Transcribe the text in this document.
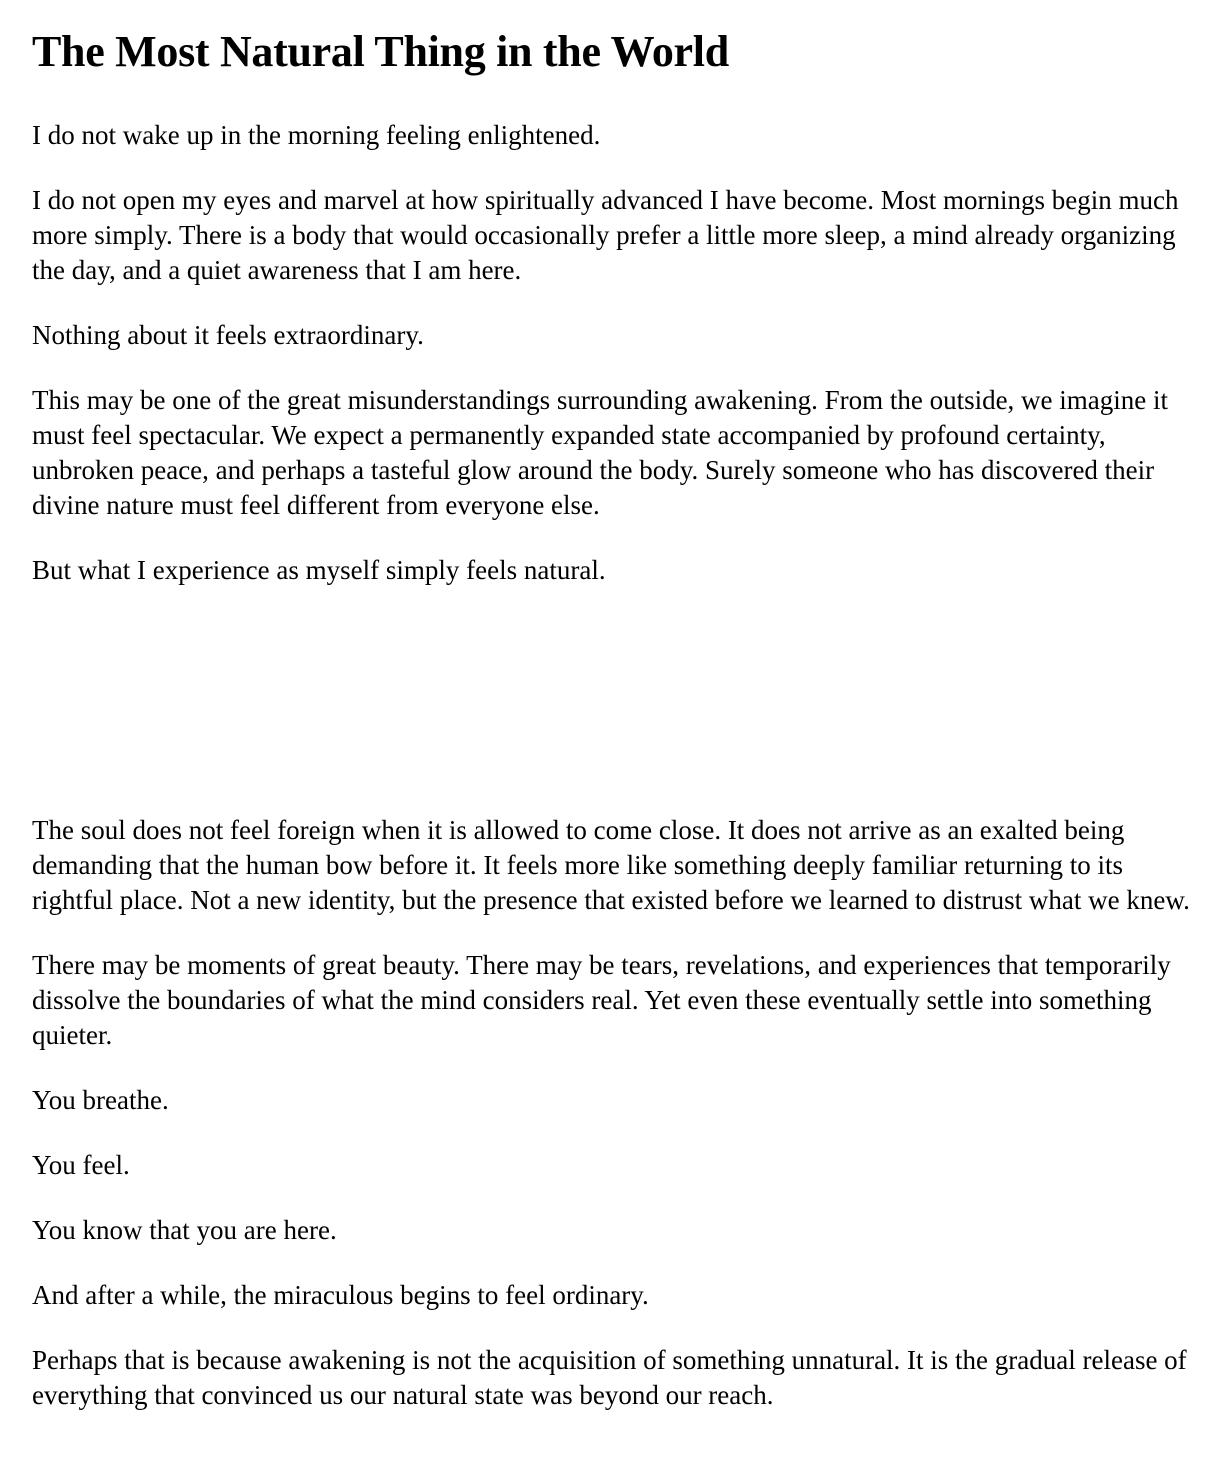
The Most Natural Thing in the World

I do not wake up in the morning feeling enlightened.

I do not open my eyes and marvel at how spiritually advanced I have become. Most mornings begin much more simply. There is a body that would occasionally prefer a little more sleep, a mind already organizing the day, and a quiet awareness that I am here.

Nothing about it feels extraordinary.

This may be one of the great misunderstandings surrounding awakening. From the outside, we imagine it must feel spectacular. We expect a permanently expanded state accompanied by profound certainty, unbroken peace, and perhaps a tasteful glow around the body. Surely someone who has discovered their divine nature must feel different from everyone else.

But what I experience as myself simply feels natural.

The soul does not feel foreign when it is allowed to come close. It does not arrive as an exalted being demanding that the human bow before it. It feels more like something deeply familiar returning to its rightful place. Not a new identity, but the presence that existed before we learned to distrust what we knew.

There may be moments of great beauty. There may be tears, revelations, and experiences that temporarily dissolve the boundaries of what the mind considers real. Yet even these eventually settle into something quieter.

You breathe.

You feel.

You know that you are here.

And after a while, the miraculous begins to feel ordinary.

Perhaps that is because awakening is not the acquisition of something unnatural. It is the gradual release of everything that convinced us our natural state was beyond our reach.
